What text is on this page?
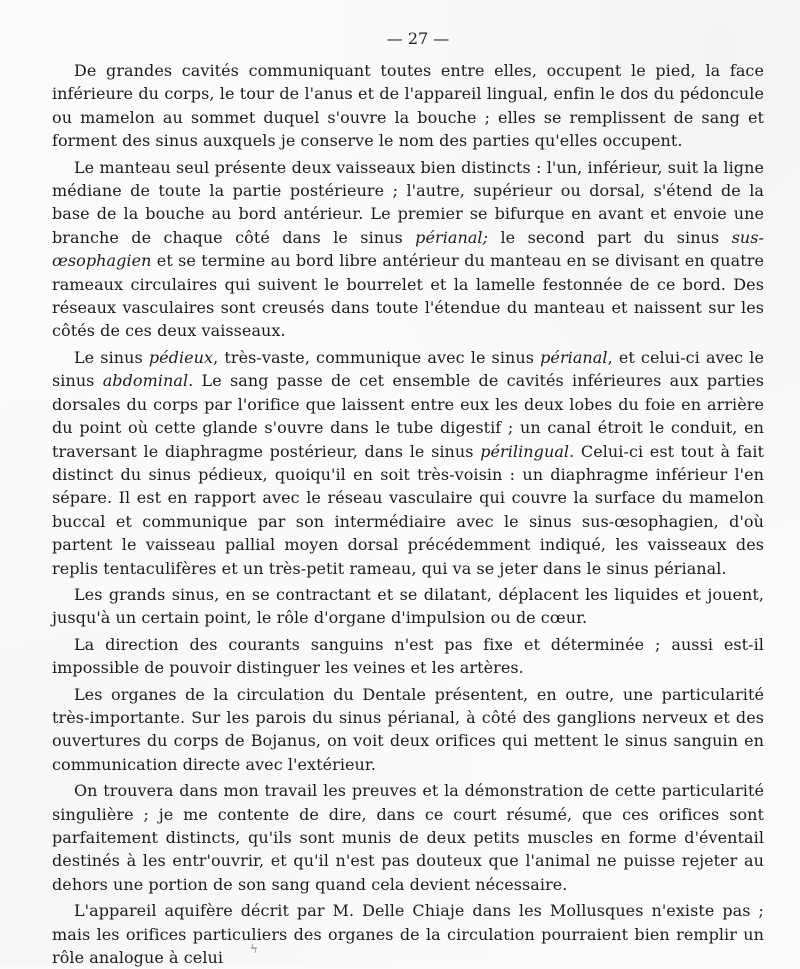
— 27 —

De grandes cavités communiquant toutes entre elles, occupent le pied, la face inférieure du corps, le tour de l'anus et de l'appareil lingual, enfin le dos du pédoncule ou mamelon au sommet duquel s'ouvre la bouche ; elles se remplissent de sang et forment des sinus auxquels je conserve le nom des parties qu'elles occupent.

Le manteau seul présente deux vaisseaux bien distincts : l'un, inférieur, suit la ligne médiane de toute la partie postérieure ; l'autre, supérieur ou dorsal, s'étend de la base de la bouche au bord antérieur. Le premier se bifurque en avant et envoie une branche de chaque côté dans le sinus périanal; le second part du sinus sus-œsophagien et se termine au bord libre antérieur du manteau en se divisant en quatre rameaux circulaires qui suivent le bourrelet et la lamelle festonnée de ce bord. Des réseaux vasculaires sont creusés dans toute l'étendue du manteau et naissent sur les côtés de ces deux vaisseaux.

Le sinus pédieux, très-vaste, communique avec le sinus périanal, et celui-ci avec le sinus abdominal. Le sang passe de cet ensemble de cavités inférieures aux parties dorsales du corps par l'orifice que laissent entre eux les deux lobes du foie en arrière du point où cette glande s'ouvre dans le tube digestif ; un canal étroit le conduit, en traversant le diaphragme postérieur, dans le sinus périlingual. Celui-ci est tout à fait distinct du sinus pédieux, quoiqu'il en soit très-voisin : un diaphragme inférieur l'en sépare. Il est en rapport avec le réseau vasculaire qui couvre la surface du mamelon buccal et communique par son intermédiaire avec le sinus sus-œsophagien, d'où partent le vaisseau pallial moyen dorsal précédemment indiqué, les vaisseaux des replis tentaculifères et un très-petit rameau, qui va se jeter dans le sinus périanal.

Les grands sinus, en se contractant et se dilatant, déplacent les liquides et jouent, jusqu'à un certain point, le rôle d'organe d'impulsion ou de cœur.

La direction des courants sanguins n'est pas fixe et déterminée ; aussi est-il impossible de pouvoir distinguer les veines et les artères.

Les organes de la circulation du Dentale présentent, en outre, une particularité très-importante. Sur les parois du sinus périanal, à côté des ganglions nerveux et des ouvertures du corps de Bojanus, on voit deux orifices qui mettent le sinus sanguin en communication directe avec l'extérieur.

On trouvera dans mon travail les preuves et la démonstration de cette particularité singulière ; je me contente de dire, dans ce court résumé, que ces orifices sont parfaitement distincts, qu'ils sont munis de deux petits muscles en forme d'éventail destinés à les entr'ouvrir, et qu'il n'est pas douteux que l'animal ne puisse rejeter au dehors une portion de son sang quand cela devient nécessaire.

L'appareil aquifère décrit par M. Delle Chiaje dans les Mollusques n'existe pas ; mais les orifices particuliers des organes de la circulation pourraient bien remplir un rôle analogue à celui	ϟ
